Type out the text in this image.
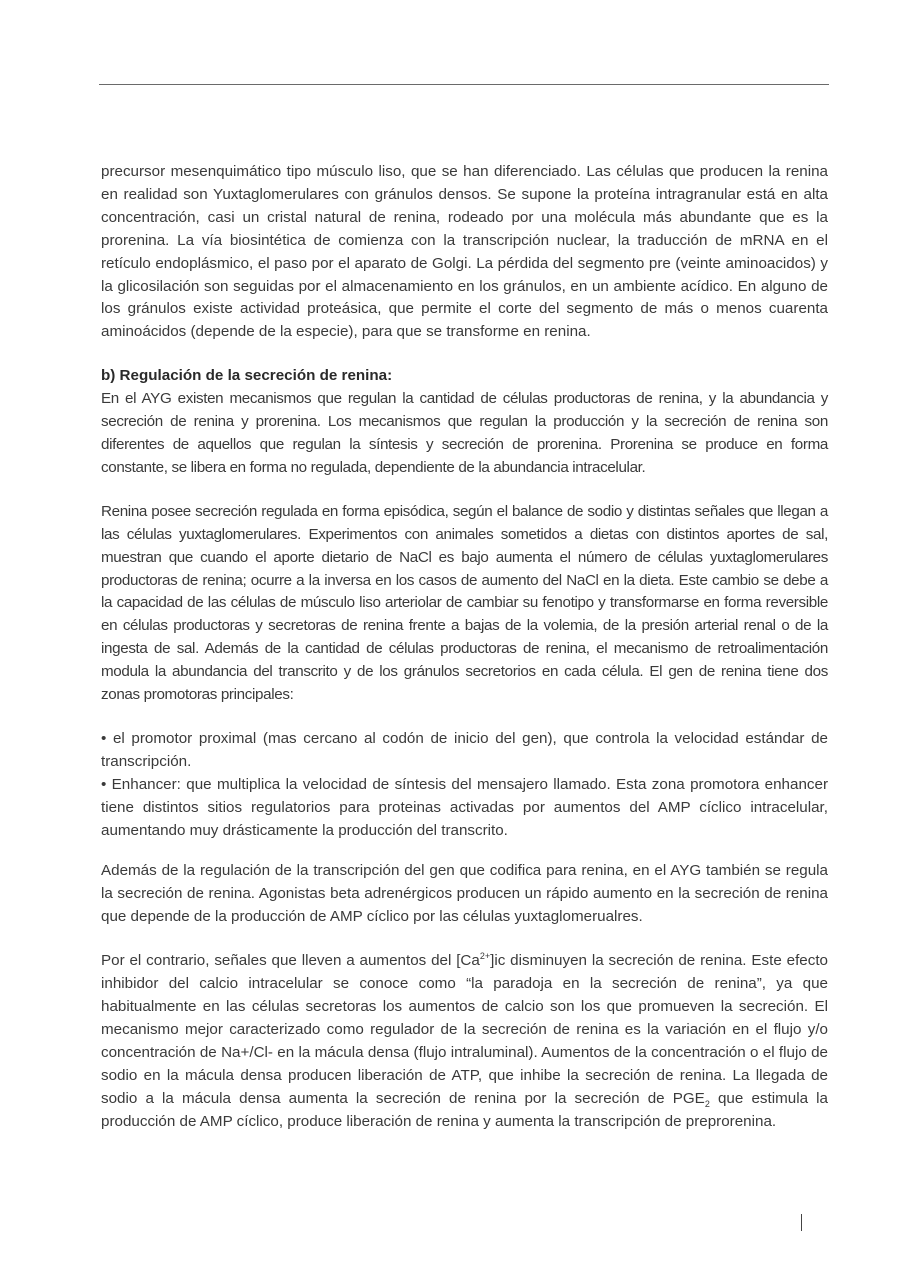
precursor mesenquimático tipo músculo liso, que se han diferenciado. Las células que producen la renina en realidad son Yuxtaglomerulares con gránulos densos. Se supone la proteína intragranular está en alta concentración, casi un cristal natural de renina, rodeado por una molécula más abundante que es la prorenina. La vía biosintética de comienza con la transcripción nuclear, la traducción de mRNA en el retículo endoplásmico, el paso por el aparato de Golgi. La pérdida del segmento pre (veinte aminoacidos) y la glicosilación son seguidas por el almacenamiento en los gránulos, en un ambiente acídico. En alguno de los gránulos existe actividad proteásica, que permite el corte del segmento de más o menos cuarenta aminoácidos (depende de la especie), para que se transforme en renina.

b) Regulación de la secreción de renina:

En el AYG existen mecanismos que regulan la cantidad de células productoras de renina, y la abundancia y secreción de renina y prorenina. Los mecanismos que regulan la producción y la secreción de renina son diferentes de aquellos que regulan la síntesis y secreción de prorenina. Prorenina se produce en forma constante, se libera en forma no regulada, dependiente de la abundancia intracelular.

Renina posee secreción regulada en forma episódica, según el balance de sodio y distintas señales que llegan a las células yuxtaglomerulares. Experimentos con animales sometidos a dietas con distintos aportes de sal, muestran que cuando el aporte dietario de NaCl es bajo aumenta el número de células yuxtaglomerulares productoras de renina; ocurre a la inversa en los casos de aumento del NaCl en la dieta. Este cambio se debe a la capacidad de las células de músculo liso arteriolar de cambiar su fenotipo y transformarse en forma reversible en células productoras y secretoras de renina frente a bajas de la volemia, de la presión arterial renal o de la ingesta de sal. Además de la cantidad de células productoras de renina, el mecanismo de retroalimentación modula la abundancia del transcrito y de los gránulos secretorios en cada célula. El gen de renina tiene dos zonas promotoras principales:

• el promotor proximal (mas cercano al codón de inicio del gen), que controla la velocidad estándar de transcripción.

• Enhancer: que multiplica la velocidad de síntesis del mensajero llamado. Esta zona promotora enhancer tiene distintos sitios regulatorios para proteinas activadas por aumentos del AMP cíclico intracelular, aumentando muy drásticamente la producción del transcrito.

Además de la regulación de la transcripción del gen que codifica para renina, en el AYG también se regula la secreción de renina. Agonistas beta adrenérgicos producen un rápido aumento en la secreción de renina que depende de la producción de AMP cíclico por las células yuxtaglomerualres.

Por el contrario, señales que lleven a aumentos del $[Ca^{2+}]ic$ disminuyen la secreción de renina. Este efecto inhibidor del calcio intracelular se conoce como “la paradoja en la secreción de renina”, ya que habitualmente en las células secretoras los aumentos de calcio son los que promueven la secreción. El mecanismo mejor caracterizado como regulador de la secreción de renina es la variación en el flujo y/o concentración de Na+/Cl- en la mácula densa (flujo intraluminal). Aumentos de la concentración o el flujo de sodio en la mácula densa producen liberación de ATP, que inhibe la secreción de renina. La llegada de sodio a la mácula densa aumenta la secreción de renina por la secreción de $PGE_2$ que estimula la producción de AMP cíclico, produce liberación de renina y aumenta la transcripción de preprorenina.
